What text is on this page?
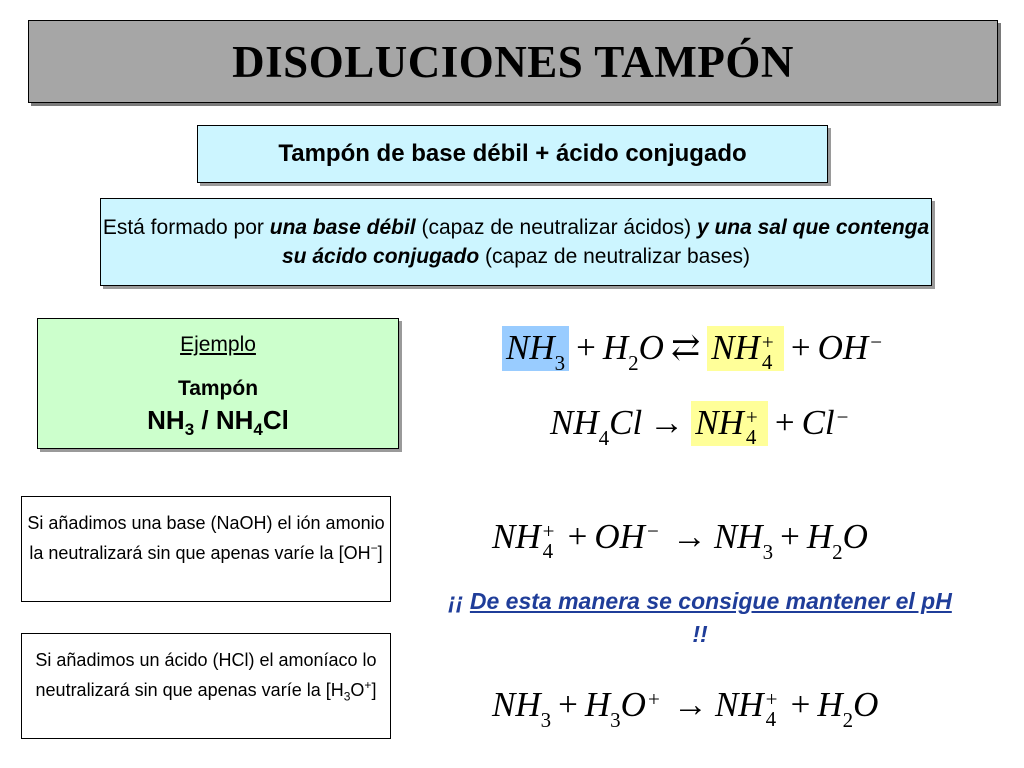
DISOLUCIONES TAMPÓN
Tampón de base débil + ácido conjugado
Está formado por una base débil (capaz de neutralizar ácidos) y una sal que contenga su ácido conjugado (capaz de neutralizar bases)
Ejemplo
Tampón
$NH_3 / NH_4Cl$
$NH_3 + H_2O$ ⇄ NH +
4 + OH −
$NH_4Cl$ → NH +
4 + Cl −
Si añadimos una base (NaOH) el ión amonio la neutralizará sin que apenas varíe la [OH−]	NH +
4 + OH − → $NH_3 + H_2O$
¡¡ De esta manera se consigue mantener el pH !!
Si añadimos un ácido (HCl) el amoníaco lo neutralizará sin que apenas varíe la $[H_3O^+]$	$NH_3 + H_3O$ + → NH +
$4 + H_2O$
